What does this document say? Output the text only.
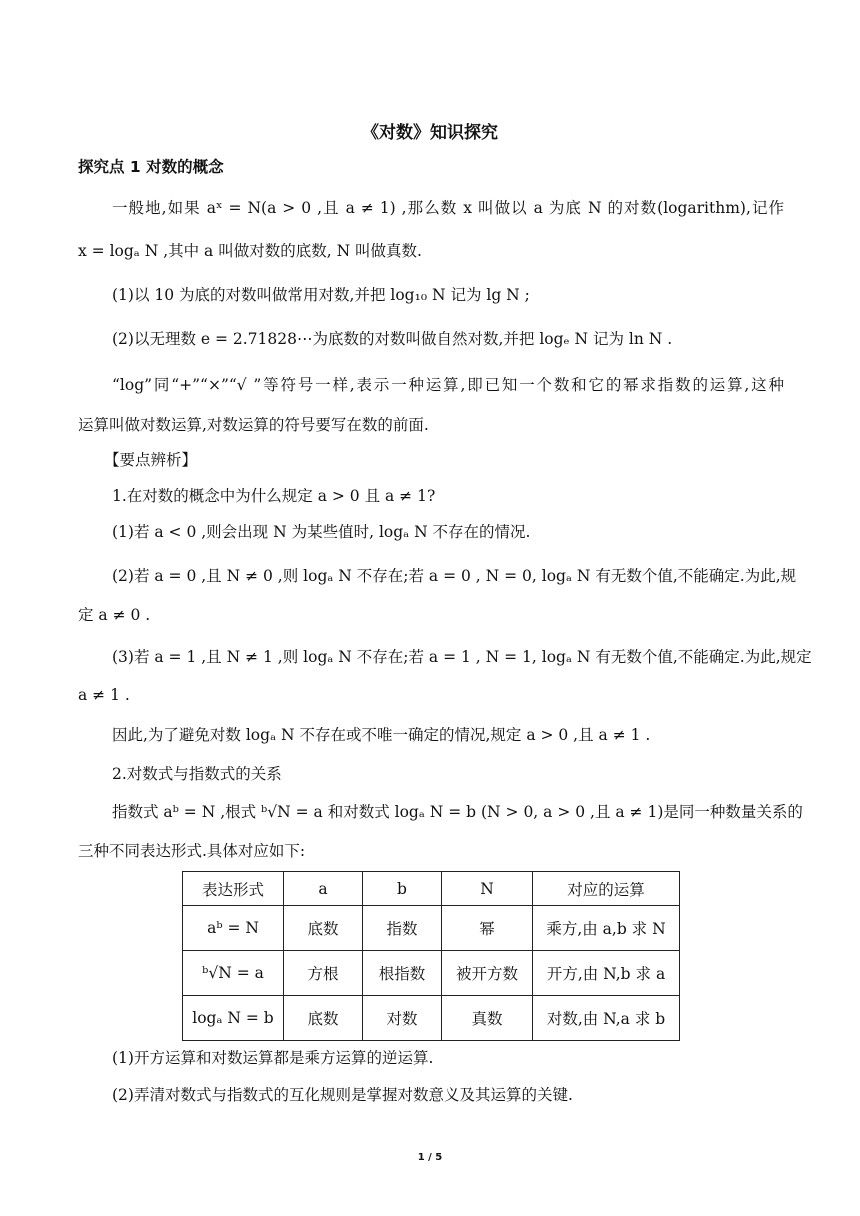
《对数》知识探究
探究点 1 对数的概念
一般地,如果 aˣ = N(a > 0 ,且 a ≠ 1) ,那么数 x 叫做以 a 为底 N 的对数(logarithm),记作
x = logₐ N ,其中 a 叫做对数的底数, N 叫做真数.
(1)以 10 为底的对数叫做常用对数,并把 log₁₀ N 记为 lg N ;
(2)以无理数 e = 2.71828⋯为底数的对数叫做自然对数,并把 logₑ N 记为 ln N .
“log”同“+”“×”“√ ”等符号一样,表示一种运算,即已知一个数和它的幂求指数的运算,这种
运算叫做对数运算,对数运算的符号要写在数的前面.
【要点辨析】
1.在对数的概念中为什么规定 a > 0 且 a ≠ 1?
(1)若 a < 0 ,则会出现 N 为某些值时, logₐ N 不存在的情况.
(2)若 a = 0 ,且 N ≠ 0 ,则 logₐ N 不存在;若 a = 0 , N = 0, logₐ N 有无数个值,不能确定.为此,规
定 a ≠ 0 .
(3)若 a = 1 ,且 N ≠ 1 ,则 logₐ N 不存在;若 a = 1 , N = 1, logₐ N 有无数个值,不能确定.为此,规定
a ≠ 1 .
因此,为了避免对数 logₐ N 不存在或不唯一确定的情况,规定 a > 0 ,且 a ≠ 1 .
2.对数式与指数式的关系
指数式 aᵇ = N ,根式 ᵇ√N = a 和对数式 logₐ N = b (N > 0, a > 0 ,且 a ≠ 1)是同一种数量关系的
三种不同表达形式.具体对应如下:
表达形式	a	b	N	对应的运算
aᵇ = N	底数	指数	幂	乘方,由 a,b 求 N
ᵇ√N = a	方根	根指数	被开方数	开方,由 N,b 求 a
logₐ N = b	底数	对数	真数	对数,由 N,a 求 b
(1)开方运算和对数运算都是乘方运算的逆运算.
(2)弄清对数式与指数式的互化规则是掌握对数意义及其运算的关键.
1 / 5
